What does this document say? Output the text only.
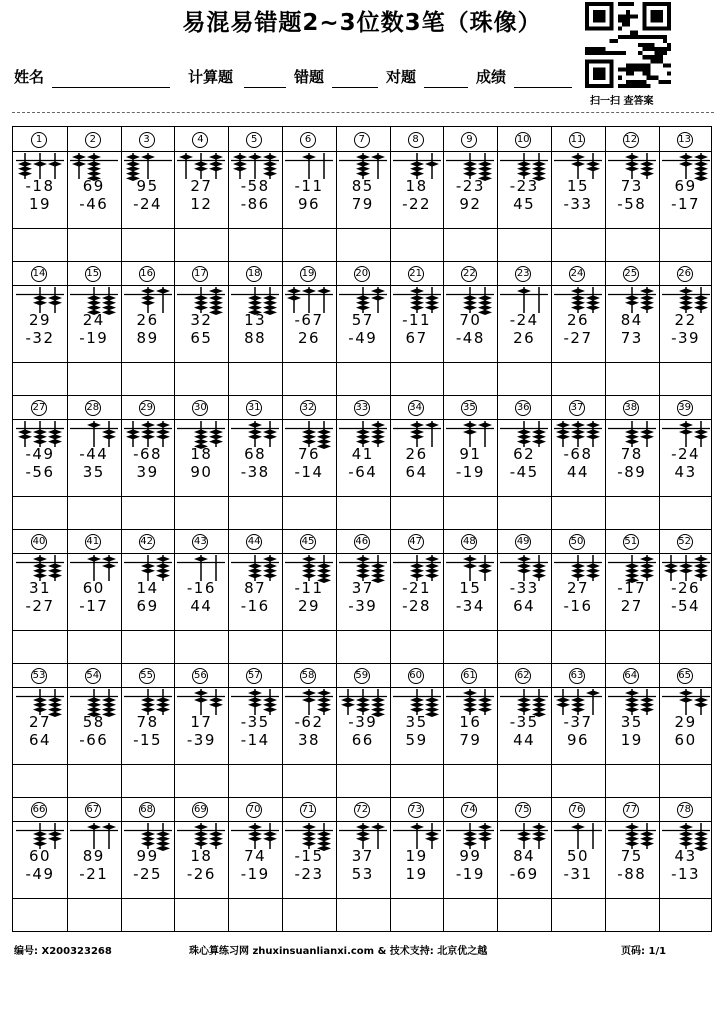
易混易错题2~3位数3笔（珠像）
扫一扫 查答案
姓名	计算题	错题	对题	成绩
1
-18
19
2
69
-46
3
95
-24
4
27
12
5
-58
-86
6
-11
96
7
85
79
8
18
-22
9
-23
92
10
-23
45
11
15
-33
12
73
-58
13
69
-17
14
29
-32
15
24
-19
16
26
89
17
32
65
18
13
88
19
-67
26
20
57
-49
21
-11
67
22
70
-48
23
-24
26
24
26
-27
25
84
73
26
22
-39
27
-49
-56
28
-44
35
29
-68
39
30
18
90
31
68
-38
32
76
-14
33
41
-64
34
26
64
35
91
-19
36
62
-45
37
-68
44
38
78
-89
39
-24
43
40
31
-27
41
60
-17
42
14
69
43
-16
44
44
87
-16
45
-11
29
46
37
-39
47
-21
-28
48
15
-34
49
-33
64
50
27
-16
51
-17
27
52
-26
-54
53
27
64
54
58
-66
55
78
-15
56
17
-39
57
-35
-14
58
-62
38
59
-39
66
60
35
59
61
16
79
62
-35
44
63
-37
96
64
35
19
65
29
60
66
60
-49
67
89
-21
68
99
-25
69
18
-26
70
74
-19
71
-15
-23
72
37
53
73
19
19
74
99
-19
75
84
-69
76
50
-31
77
75
-88
78
43
-13
编号: X200323268	珠心算练习网 zhuxinsuanlianxi.com & 技术支持: 北京优之越	页码: 1/1
